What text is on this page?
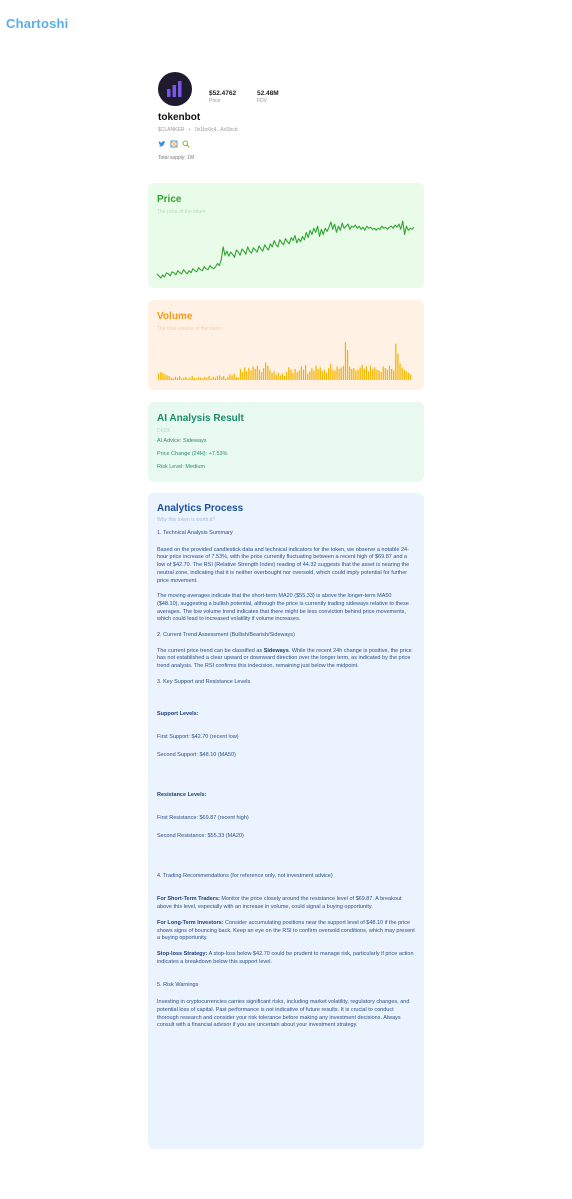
Chartoshi
$52.4762
Price
52.48M
FDV
tokenbot
$CLANKER • 0x1bc0c4...Ad1bcb
Total supply: 1M
Price
The price of the token
Volume
The total volume of the token
AI Analysis Result
DKDK
AI Advice: Sideways
Price Change (24H): +7.53%
Risk Level: Medium
Analytics Process
Why this token is worth it?

1. Technical Analysis Summary

Based on the provided candlestick data and technical indicators for the token, we observe a notable 24-hour price increase of 7.53%, with the price currently fluctuating between a recent high of $69.87 and a low of $42.70. The RSI (Relative Strength Index) reading of 44.32 suggests that the asset is nearing the neutral zone, indicating that it is neither overbought nor oversold, which could imply potential for further price movement.

The moving averages indicate that the short-term MA20 ($55.33) is above the longer-term MA50 ($48.10), suggesting a bullish potential, although the price is currently trading sideways relative to these averages. The low volume trend indicates that there might be less conviction behind price movements, which could lead to increased volatility if volume increases.

2. Current Trend Assessment (Bullish/Bearish/Sideways)

The current price trend can be classified as Sideways. While the recent 24h change is positive, the price has not established a clear upward or downward direction over the longer term, as indicated by the price trend analysis. The RSI confirms this indecision, remaining just below the midpoint.

3. Key Support and Resistance Levels

Support Levels:

First Support: $42.70 (recent low)

Second Support: $48.10 (MA50)

Resistance Levels:

First Resistance: $69.87 (recent high)

Second Resistance: $55.33 (MA20)

4. Trading Recommendations (for reference only, not investment advice)

For Short-Term Traders: Monitor the price closely around the resistance level of $69.87. A breakout above this level, especially with an increase in volume, could signal a buying opportunity.

For Long-Term Investors: Consider accumulating positions near the support level of $48.10 if the price shows signs of bouncing back. Keep an eye on the RSI to confirm oversold conditions, which may present a buying opportunity.

Stop-loss Strategy: A stop-loss below $42.70 could be prudent to manage risk, particularly if price action indicates a breakdown below this support level.

5. Risk Warnings

Investing in cryptocurrencies carries significant risks, including market volatility, regulatory changes, and potential loss of capital. Past performance is not indicative of future results. It is crucial to conduct thorough research and consider your risk tolerance before making any investment decisions. Always consult with a financial advisor if you are uncertain about your investment strategy.
